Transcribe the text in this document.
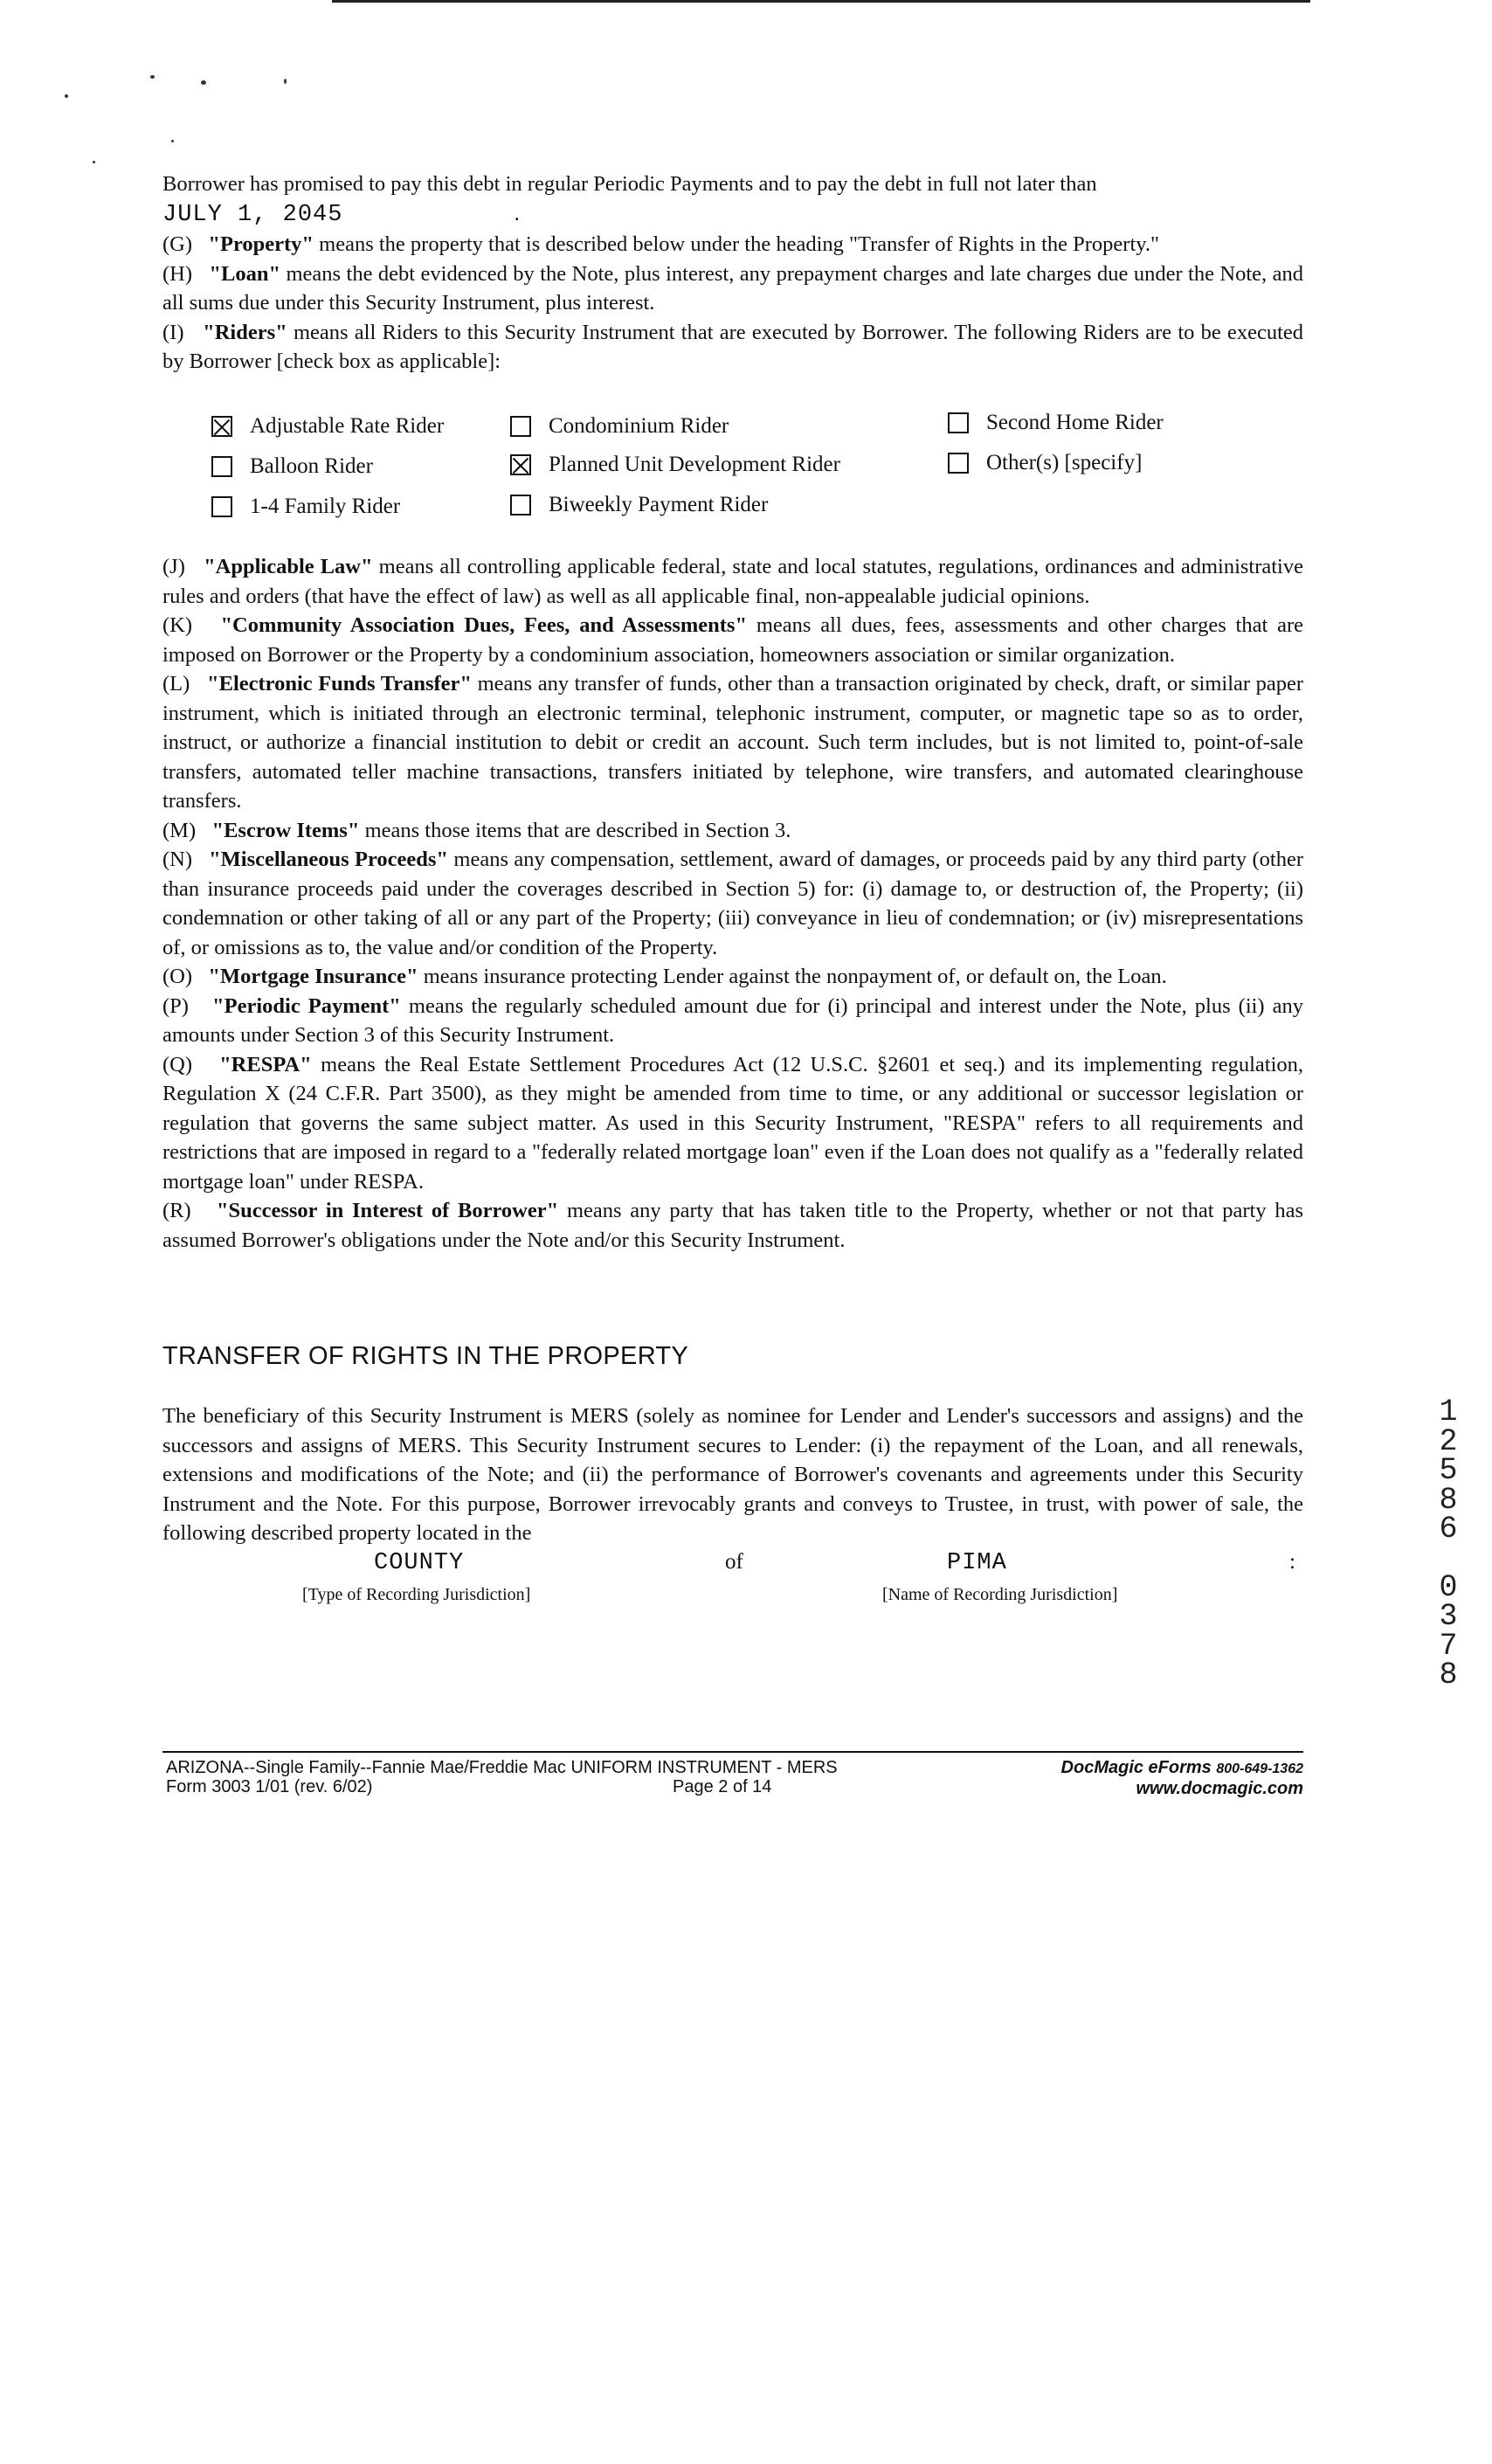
Borrower has promised to pay this debt in regular Periodic Payments and to pay the debt in full not later than
JULY 1, 2045	.

(G) "Property" means the property that is described below under the heading "Transfer of Rights in the Property."

(H) "Loan" means the debt evidenced by the Note, plus interest, any prepayment charges and late charges due under the Note, and all sums due under this Security Instrument, plus interest.

(I) "Riders" means all Riders to this Security Instrument that are executed by Borrower. The following Riders are to be executed by Borrower [check box as applicable]:

Adjustable Rate Rider	Condominium Rider	Second Home Rider
Balloon Rider	Planned Unit Development Rider	Other(s) [specify]
1-4 Family Rider	Biweekly Payment Rider

(J) "Applicable Law" means all controlling applicable federal, state and local statutes, regulations, ordinances and administrative rules and orders (that have the effect of law) as well as all applicable final, non-appealable judicial opinions.

(K) "Community Association Dues, Fees, and Assessments" means all dues, fees, assessments and other charges that are imposed on Borrower or the Property by a condominium association, homeowners association or similar organization.

(L) "Electronic Funds Transfer" means any transfer of funds, other than a transaction originated by check, draft, or similar paper instrument, which is initiated through an electronic terminal, telephonic instrument, computer, or magnetic tape so as to order, instruct, or authorize a financial institution to debit or credit an account. Such term includes, but is not limited to, point-of-sale transfers, automated teller machine transactions, transfers initiated by telephone, wire transfers, and automated clearinghouse transfers.

(M) "Escrow Items" means those items that are described in Section 3.

(N) "Miscellaneous Proceeds" means any compensation, settlement, award of damages, or proceeds paid by any third party (other than insurance proceeds paid under the coverages described in Section 5) for: (i) damage to, or destruction of, the Property; (ii) condemnation or other taking of all or any part of the Property; (iii) conveyance in lieu of condemnation; or (iv) misrepresentations of, or omissions as to, the value and/or condition of the Property.

(O) "Mortgage Insurance" means insurance protecting Lender against the nonpayment of, or default on, the Loan.

(P) "Periodic Payment" means the regularly scheduled amount due for (i) principal and interest under the Note, plus (ii) any amounts under Section 3 of this Security Instrument.

(Q) "RESPA" means the Real Estate Settlement Procedures Act (12 U.S.C. §2601 et seq.) and its implementing regulation, Regulation X (24 C.F.R. Part 3500), as they might be amended from time to time, or any additional or successor legislation or regulation that governs the same subject matter. As used in this Security Instrument, "RESPA" refers to all requirements and restrictions that are imposed in regard to a "federally related mortgage loan" even if the Loan does not qualify as a "federally related mortgage loan" under RESPA.

(R) "Successor in Interest of Borrower" means any party that has taken title to the Property, whether or not that party has assumed Borrower's obligations under the Note and/or this Security Instrument.

TRANSFER OF RIGHTS IN THE PROPERTY

The beneficiary of this Security Instrument is MERS (solely as nominee for Lender and Lender's successors and assigns) and the successors and assigns of MERS. This Security Instrument secures to Lender: (i) the repayment of the Loan, and all renewals, extensions and modifications of the Note; and (ii) the performance of Borrower's covenants and agreements under this Security Instrument and the Note. For this purpose, Borrower irrevocably grants and conveys to Trustee, in trust, with power of sale, the following described property located in the

COUNTY	of	PIMA	:
[Type of Recording Jurisdiction]	[Name of Recording Jurisdiction]
1
2
5
8
6
0
3
7
8
ARIZONA--Single Family--Fannie Mae/Freddie Mac UNIFORM INSTRUMENT - MERS
Form 3003 1/01 (rev. 6/02)	Page 2 of 14
DocMagic eForms 800-649-1362
www.docmagic.com
